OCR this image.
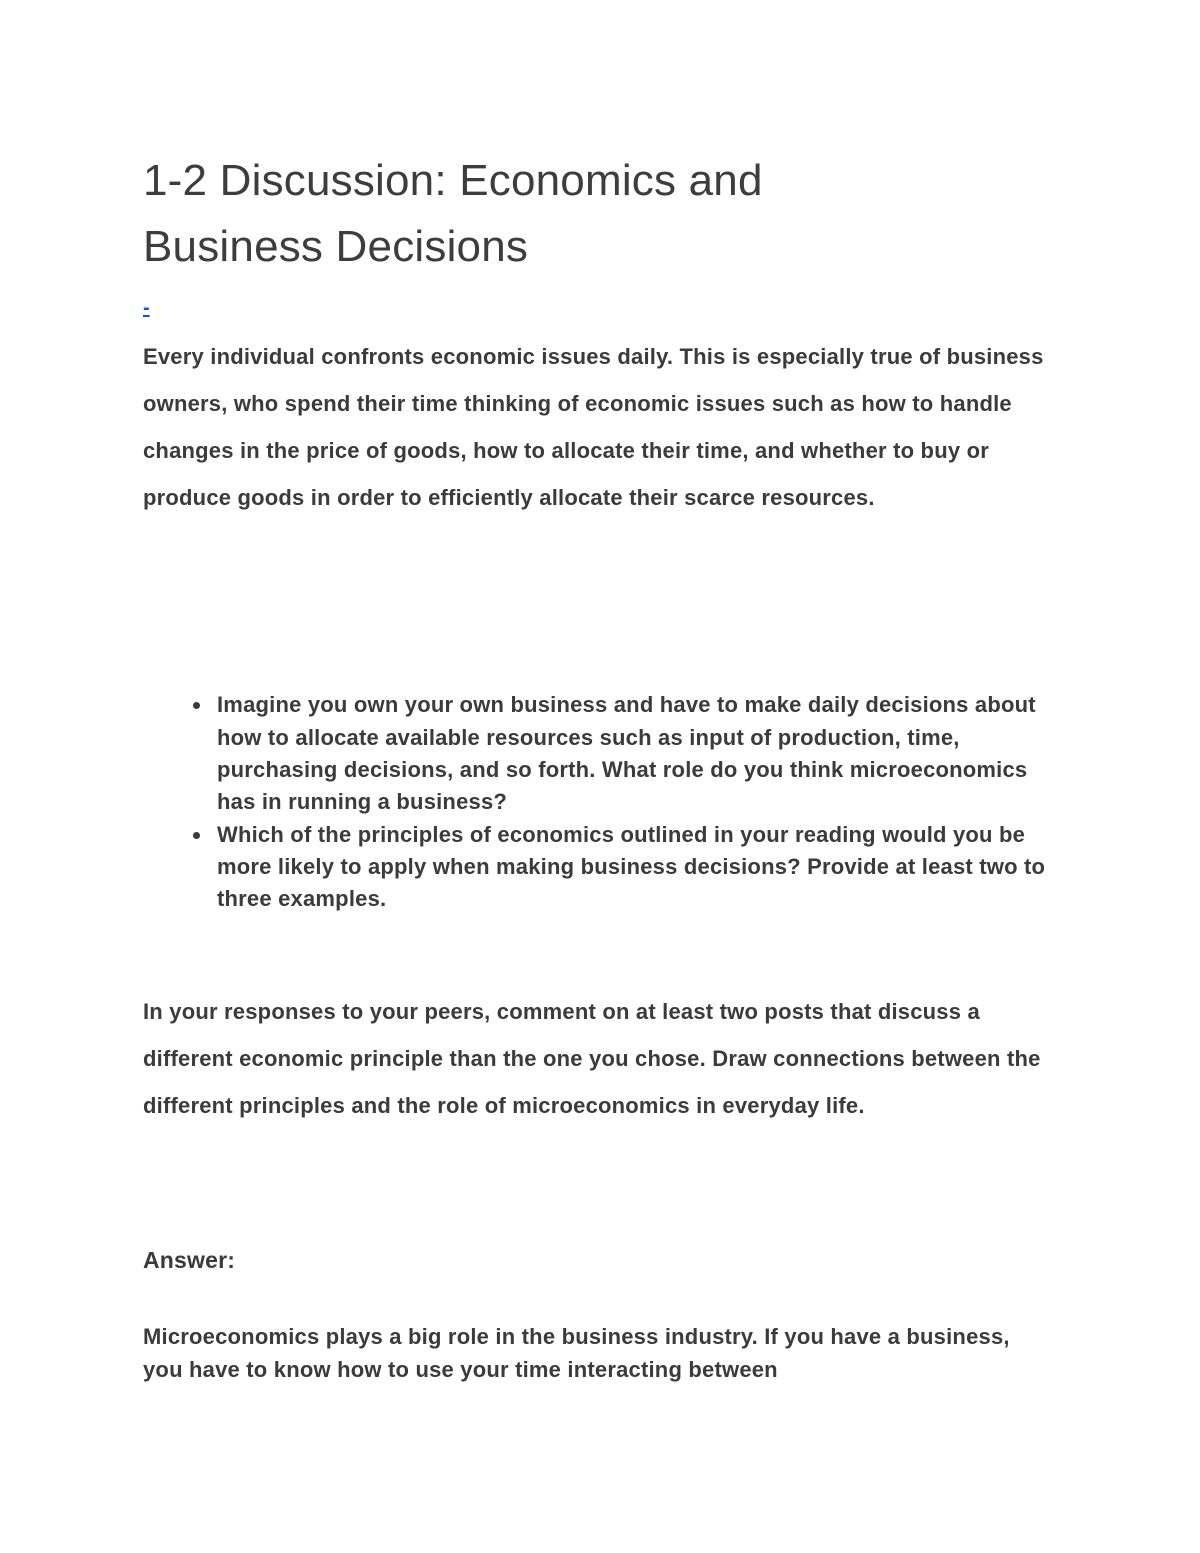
1-2 Discussion: Economics and Business Decisions
-

Every individual confronts economic issues daily. This is especially true of business owners, who spend their time thinking of economic issues such as how to handle changes in the price of goods, how to allocate their time, and whether to buy or produce goods in order to efficiently allocate their scarce resources.

• Imagine you own your own business and have to make daily decisions about how to allocate available resources such as input of production, time, purchasing decisions, and so forth. What role do you think microeconomics has in running a business?
• Which of the principles of economics outlined in your reading would you be more likely to apply when making business decisions? Provide at least two to three examples.

In your responses to your peers, comment on at least two posts that discuss a different economic principle than the one you chose. Draw connections between the different principles and the role of microeconomics in everyday life.

Answer:

Microeconomics plays a big role in the business industry. If you have a business, you have to know how to use your time interacting between
